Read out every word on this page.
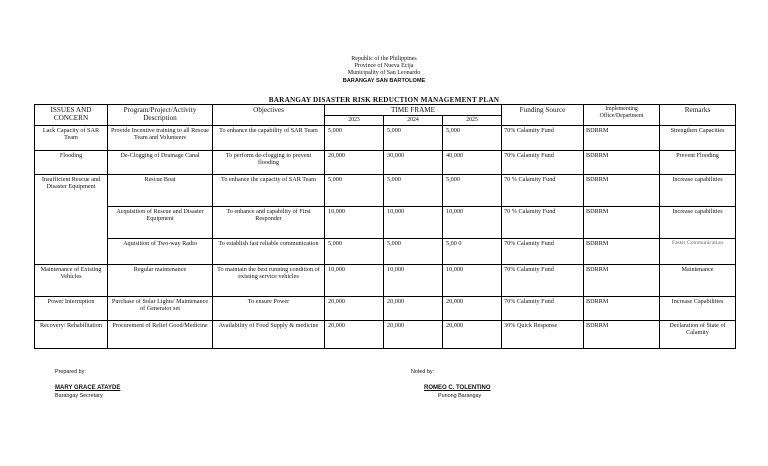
Republic of the Philippines
Province of Nueva Ecija
Municipality of San Leonardo
BARANGAY SAN BARTOLOME
BARANGAY DISASTER RISK REDUCTION MANAGEMENT PLAN
ISSUES AND CONCERN	Program/Project/Activity Description	Objectives	TIME FRAME			Funding Source	Implementing Office/Department	Remarks
			2023	2024	2025			
Lack Capacity of SAR Team	Provide Incentive training to all Rescue Team and Volunteers	To enhance the capability of SAR Team	5,000	5,000	5,000	70% Calamity Fund	BDRRM	Strengthen Capacities
Flooding	De-Clogging of Drainage Canal	To perform de-clogging to prevent flooding	20,000	30,000	40,000	70% Calamity Fund	BDRRM	Prevent Flooding
Insufficient Rescue and Disaster Equipment	Rescue Boat	To enhance the capacity of SAR Team	5,000	5,000	5,000	70 % Calamity Fund	BDRRM	Increase capabilities
	Acquisition of Rescue and Disaster Equipment	To enhance and capability of First Responder	10,000	10,000	10,000	70 % Calamity Fund	BDRRM	Increase capabilities
	Aquisition of Two-way Radio	To establish fast reliable communication	5,000	5,000	5,00 0	70% Calamity Fund	BDRRM	Faster Communication
Maintenance of Existing Vehicles	Regular maintenance	To maintain the best running condition of existing service vehicles	10,000	10,000	10,000	70% Calamity Fund	BDRRM	Maintenance
Power Interruption	Purchase of Solar Lights/ Maintenance of Generator set	To ensure Power	20,000	20,000	20,000	70% Calamity Fund	BDRRM	Increase Capabilities
Recovery/ Rehabilitation	Procurement of Relief Good/Medicine	Availability of Food Supply & medicine	20,000	20,000	20,000	30% Quick Response	BDRRM	Declaration of State of Calamity
Prepared by:
MARY GRACE ATAYDE
Barangay Secretary
Noted by:
ROMEO C. TOLENTINO
Punong Barangay
